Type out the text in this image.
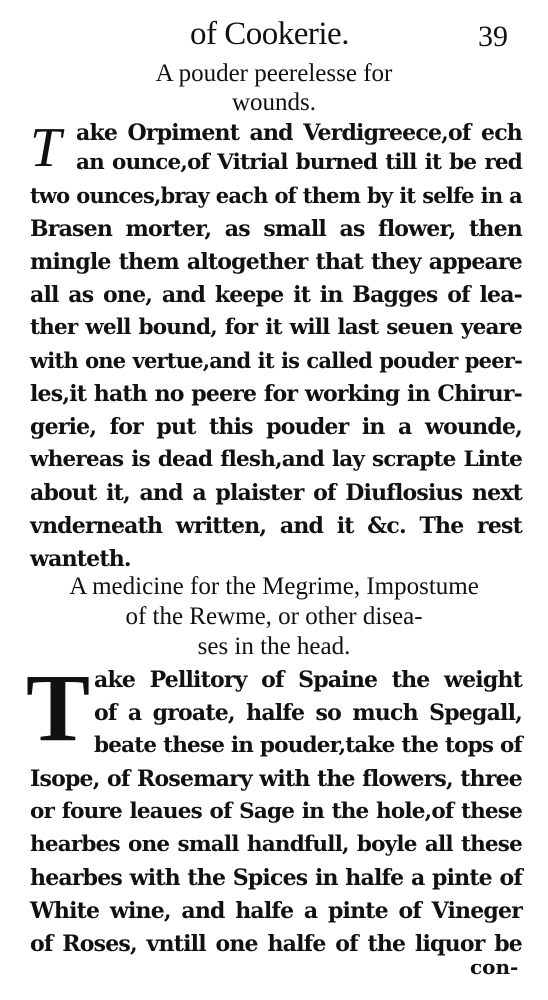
of Cookerie.	39
A pouder peerelesse for
wounds.
T ake Orpiment and Verdigreece,of ech
an ounce,of Vitrial burned till it be red
two ounces,bray each of them by it selfe in a
Brasen morter, as small as flower, then
mingle them altogether that they appeare
all as one, and keepe it in Bagges of lea-
ther well bound, for it will last seuen yeare
with one vertue,and it is called pouder peer-
les,it hath no peere for working in Chirur-
gerie, for put this pouder in a wounde,
whereas is dead flesh,and lay scrapte Linte
about it, and a plaister of Diuflosius next
vnderneath written, and it &c. The rest
wanteth.
A medicine for the Megrime, Impostume
of the Rewme, or other disea-
ses in the head.
T ake Pellitory of Spaine the weight
of a groate, halfe so much Spegall,
beate these in pouder,take the tops of
Isope, of Rosemary with the flowers, three
or foure leaues of Sage in the hole,of these
hearbes one small handfull, boyle all these
hearbes with the Spices in halfe a pinte of
White wine, and halfe a pinte of Vineger
of Roses, vntill one halfe of the liquor be
con-
